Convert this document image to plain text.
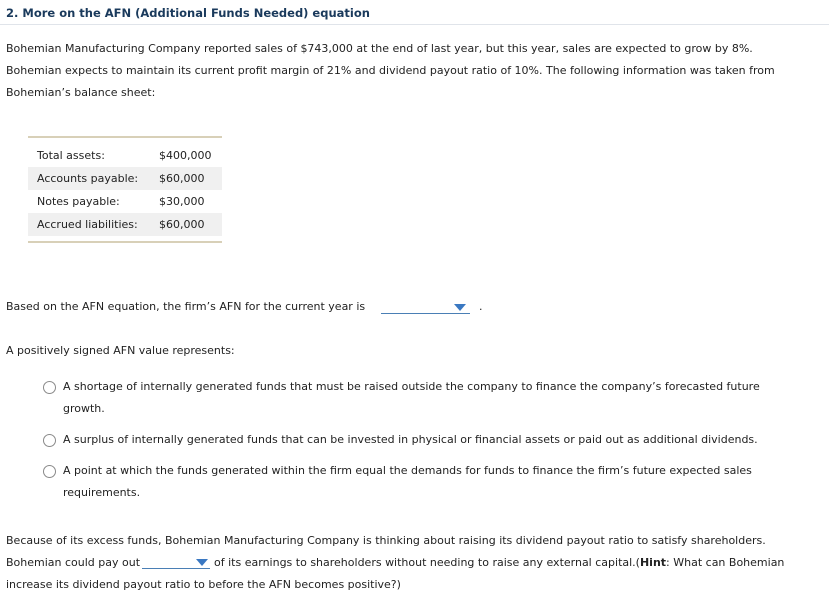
2. More on the AFN (Additional Funds Needed) equation

Bohemian Manufacturing Company reported sales of $743,000 at the end of last year, but this year, sales are expected to grow by 8%. Bohemian expects to maintain its current profit margin of 21% and dividend payout ratio of 10%. The following information was taken from Bohemian’s balance sheet:

Total assets:	$400,000
Accounts payable:	$60,000
Notes payable:	$30,000
Accrued liabilities:	$60,000
Based on the AFN equation, the firm’s AFN for the current year is	.
A positively signed AFN value represents:
A shortage of internally generated funds that must be raised outside the company to finance the company’s forecasted future growth.
A surplus of internally generated funds that can be invested in physical or financial assets or paid out as additional dividends.
A point at which the funds generated within the firm equal the demands for funds to finance the firm’s future expected sales requirements.

Because of its excess funds, Bohemian Manufacturing Company is thinking about raising its dividend payout ratio to satisfy shareholders. Bohemian could pay out	of its earnings to shareholders without needing to raise any external capital.(Hint: What can Bohemian increase its dividend payout ratio to before the AFN becomes positive?)
